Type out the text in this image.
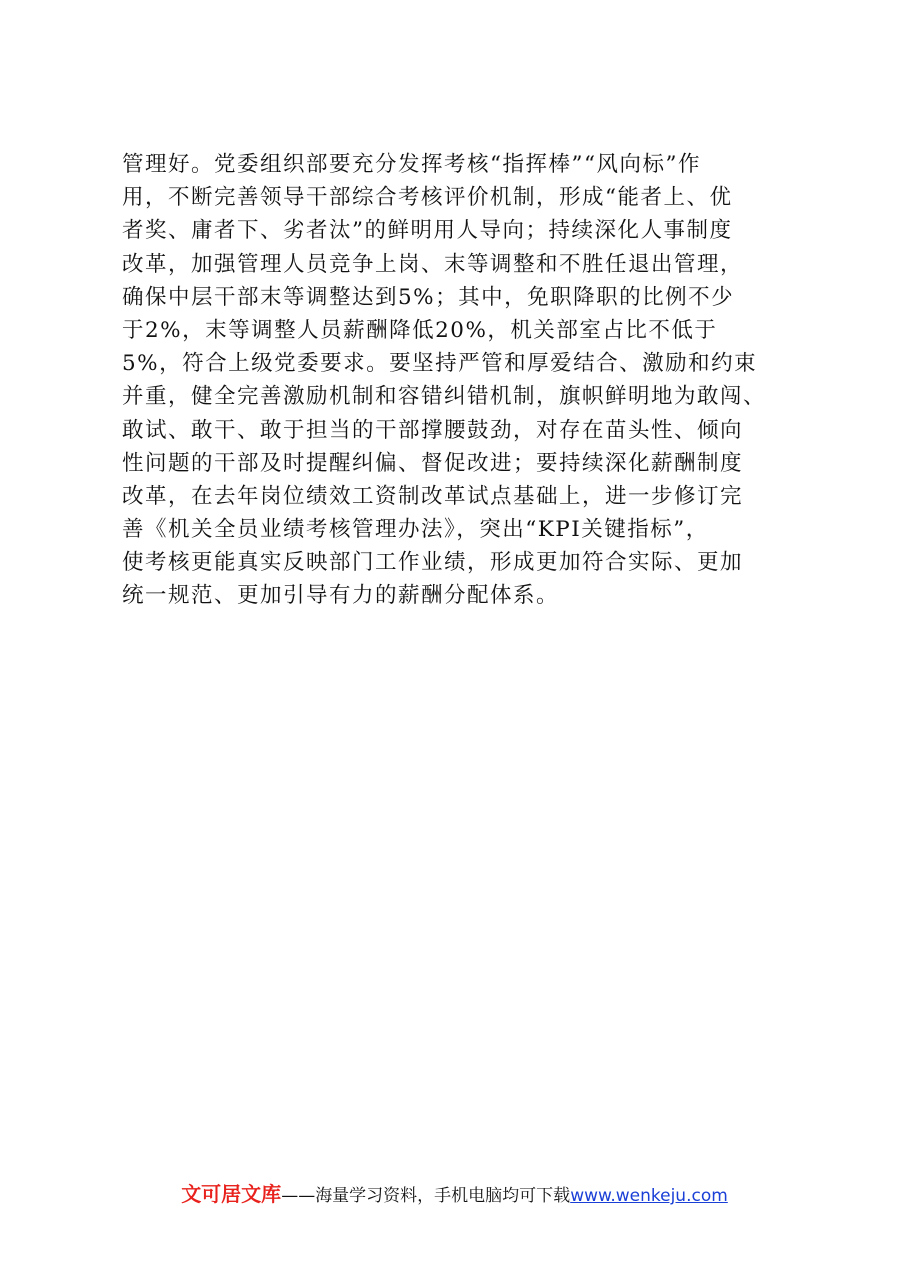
管理好。党委组织部要充分发挥考核“指挥棒”“风向标”作
用，不断完善领导干部综合考核评价机制，形成“能者上、优
者奖、庸者下、劣者汰”的鲜明用人导向；持续深化人事制度
改革，加强管理人员竞争上岗、末等调整和不胜任退出管理，
确保中层干部末等调整达到5%；其中，免职降职的比例不少
于2%，末等调整人员薪酬降低20%，机关部室占比不低于
5%，符合上级党委要求。要坚持严管和厚爱结合、激励和约束
并重，健全完善激励机制和容错纠错机制，旗帜鲜明地为敢闯、
敢试、敢干、敢于担当的干部撑腰鼓劲，对存在苗头性、倾向
性问题的干部及时提醒纠偏、督促改进；要持续深化薪酬制度
改革，在去年岗位绩效工资制改革试点基础上，进一步修订完
善《机关全员业绩考核管理办法》，突出“KPI关键指标”，
使考核更能真实反映部门工作业绩，形成更加符合实际、更加
统一规范、更加引导有力的薪酬分配体系。
文可居文库——海量学习资料，手机电脑均可下载www.wenkeju.com
